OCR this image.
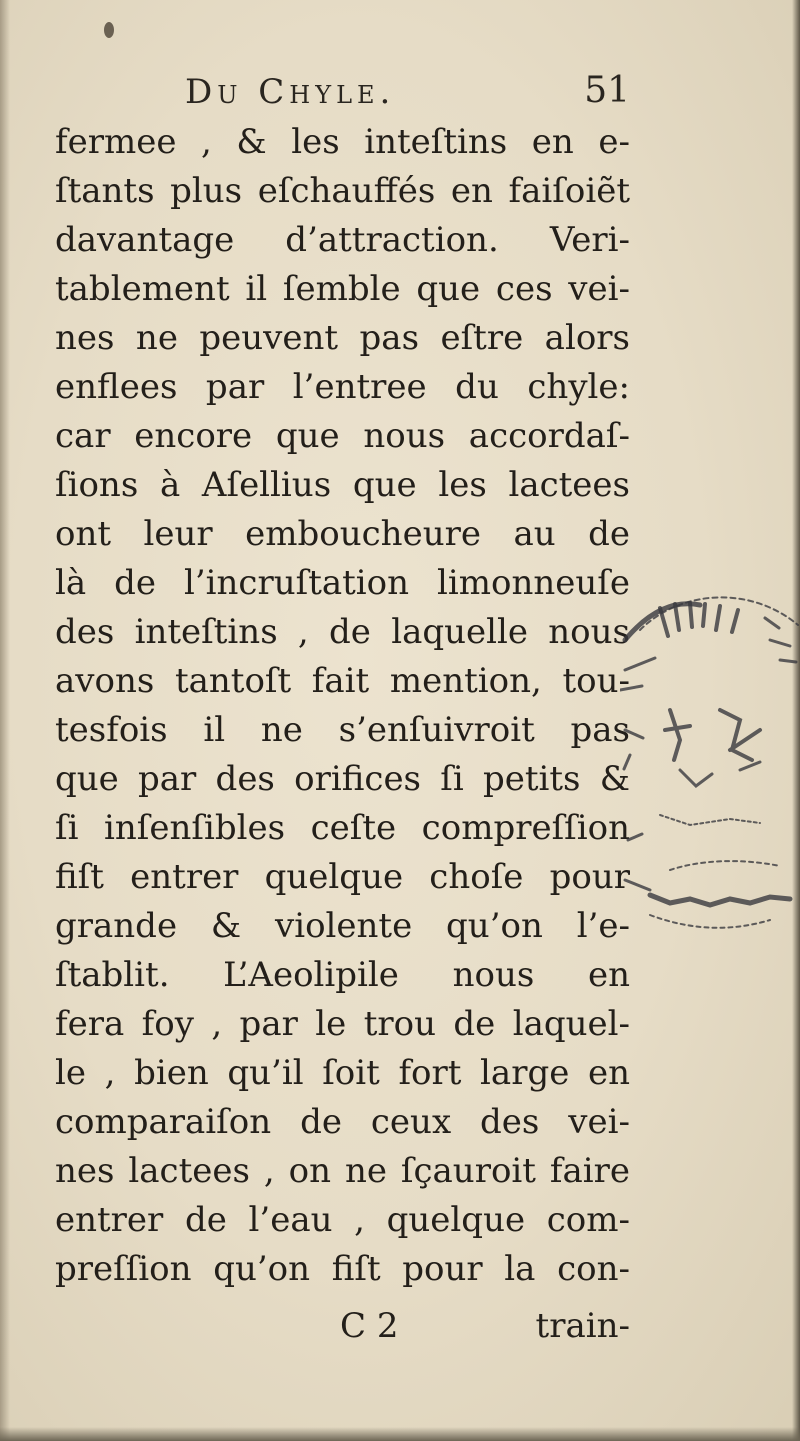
Du Chyle.	51
fermee , & les inteſtins en e-
ſtants plus eſchauffés en faiſoiẽt
davantage d’attraction. Veri-
tablement il ſemble que ces vei-
nes ne peuvent pas eſtre alors
enflees par l’entree du chyle:
car encore que nous accordaſ-
ſions à Aſellius que les lactees
ont leur emboucheure au de
là de l’incruſtation limonneuſe
des inteſtins , de laquelle nous
avons tantoſt fait mention, tou-
tesfois il ne s’enſuivroit pas
que par des orifices ſi petits &
ſi inſenſibles ceſte compreſſion
fiſt entrer quelque choſe pour
grande & violente qu’on l’e-
ſtablit. L’Aeolipile nous en
fera foy , par le trou de laquel-
le , bien qu’il ſoit fort large en
comparaiſon de ceux des vei-
nes lactees , on ne ſçauroit faire
entrer de l’eau , quelque com-
preſſion qu’on fiſt pour la con-
C 2	train-
